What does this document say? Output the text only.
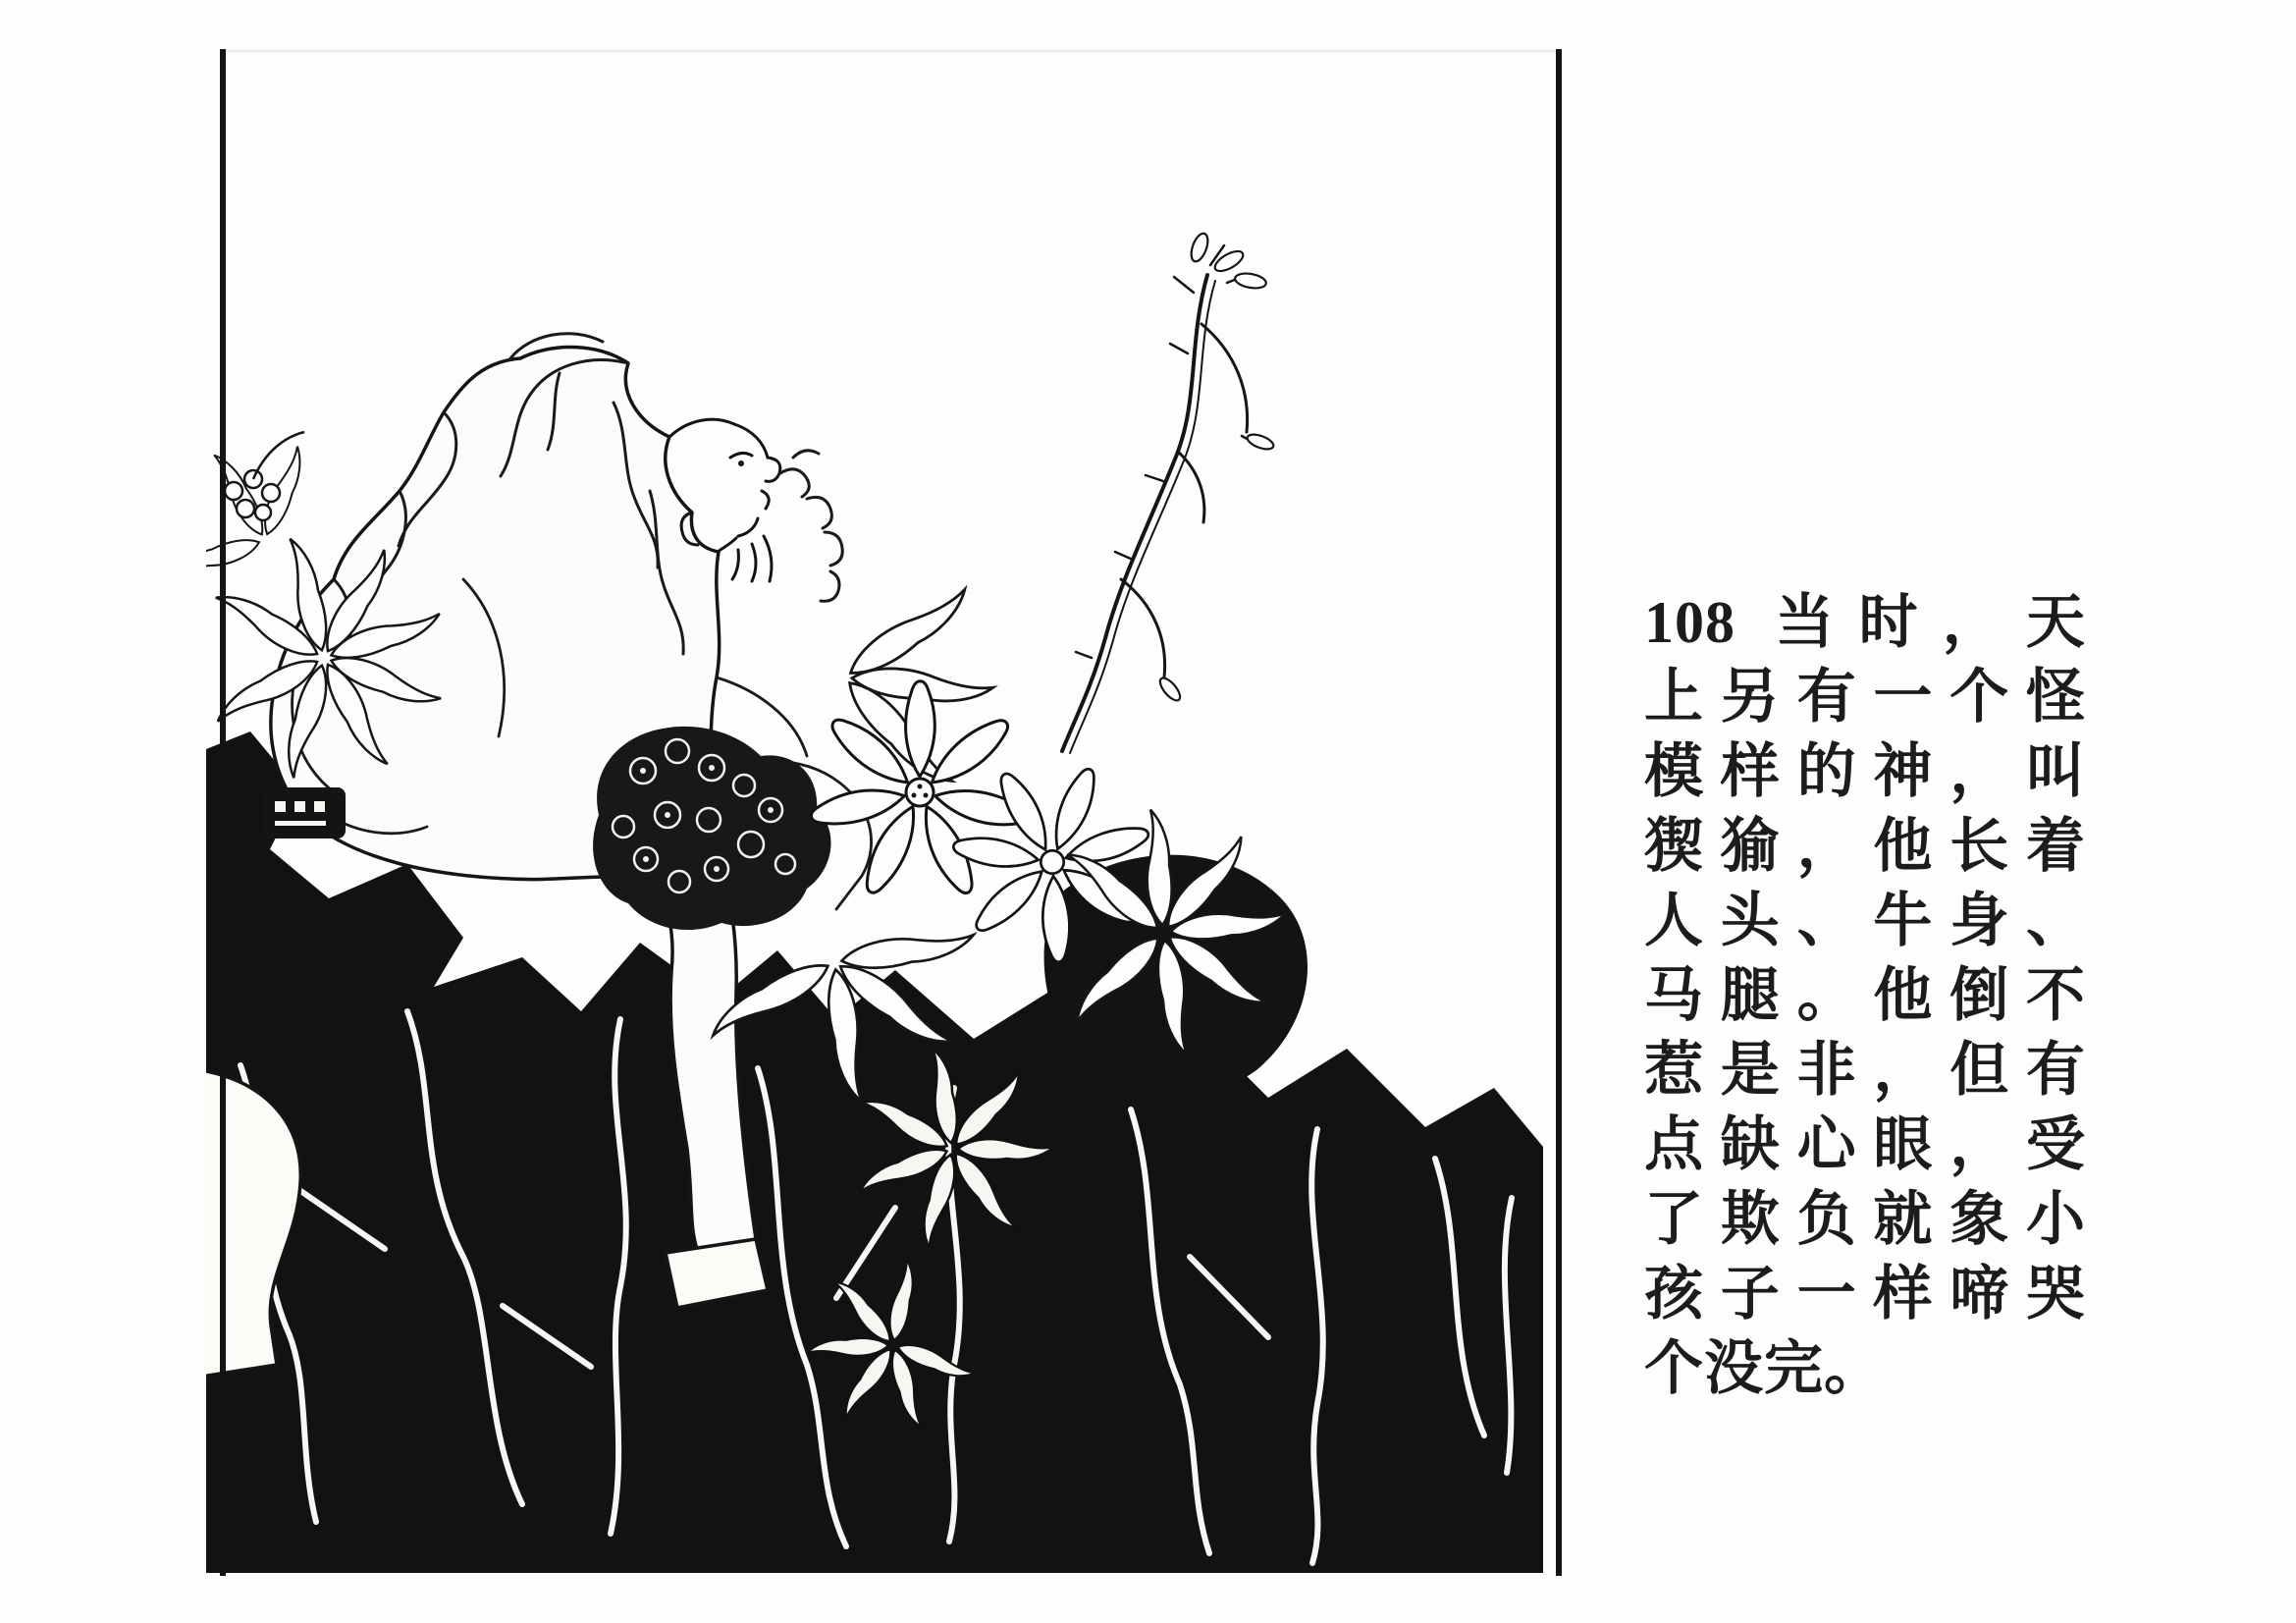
108 当时，天
上另有一个怪
模样的神，叫
猰㺄，他长着
人头、牛身、
马腿。他倒不
惹是非，但有
点缺心眼，受
了欺负就象小
孩子一样啼哭
个没完。
